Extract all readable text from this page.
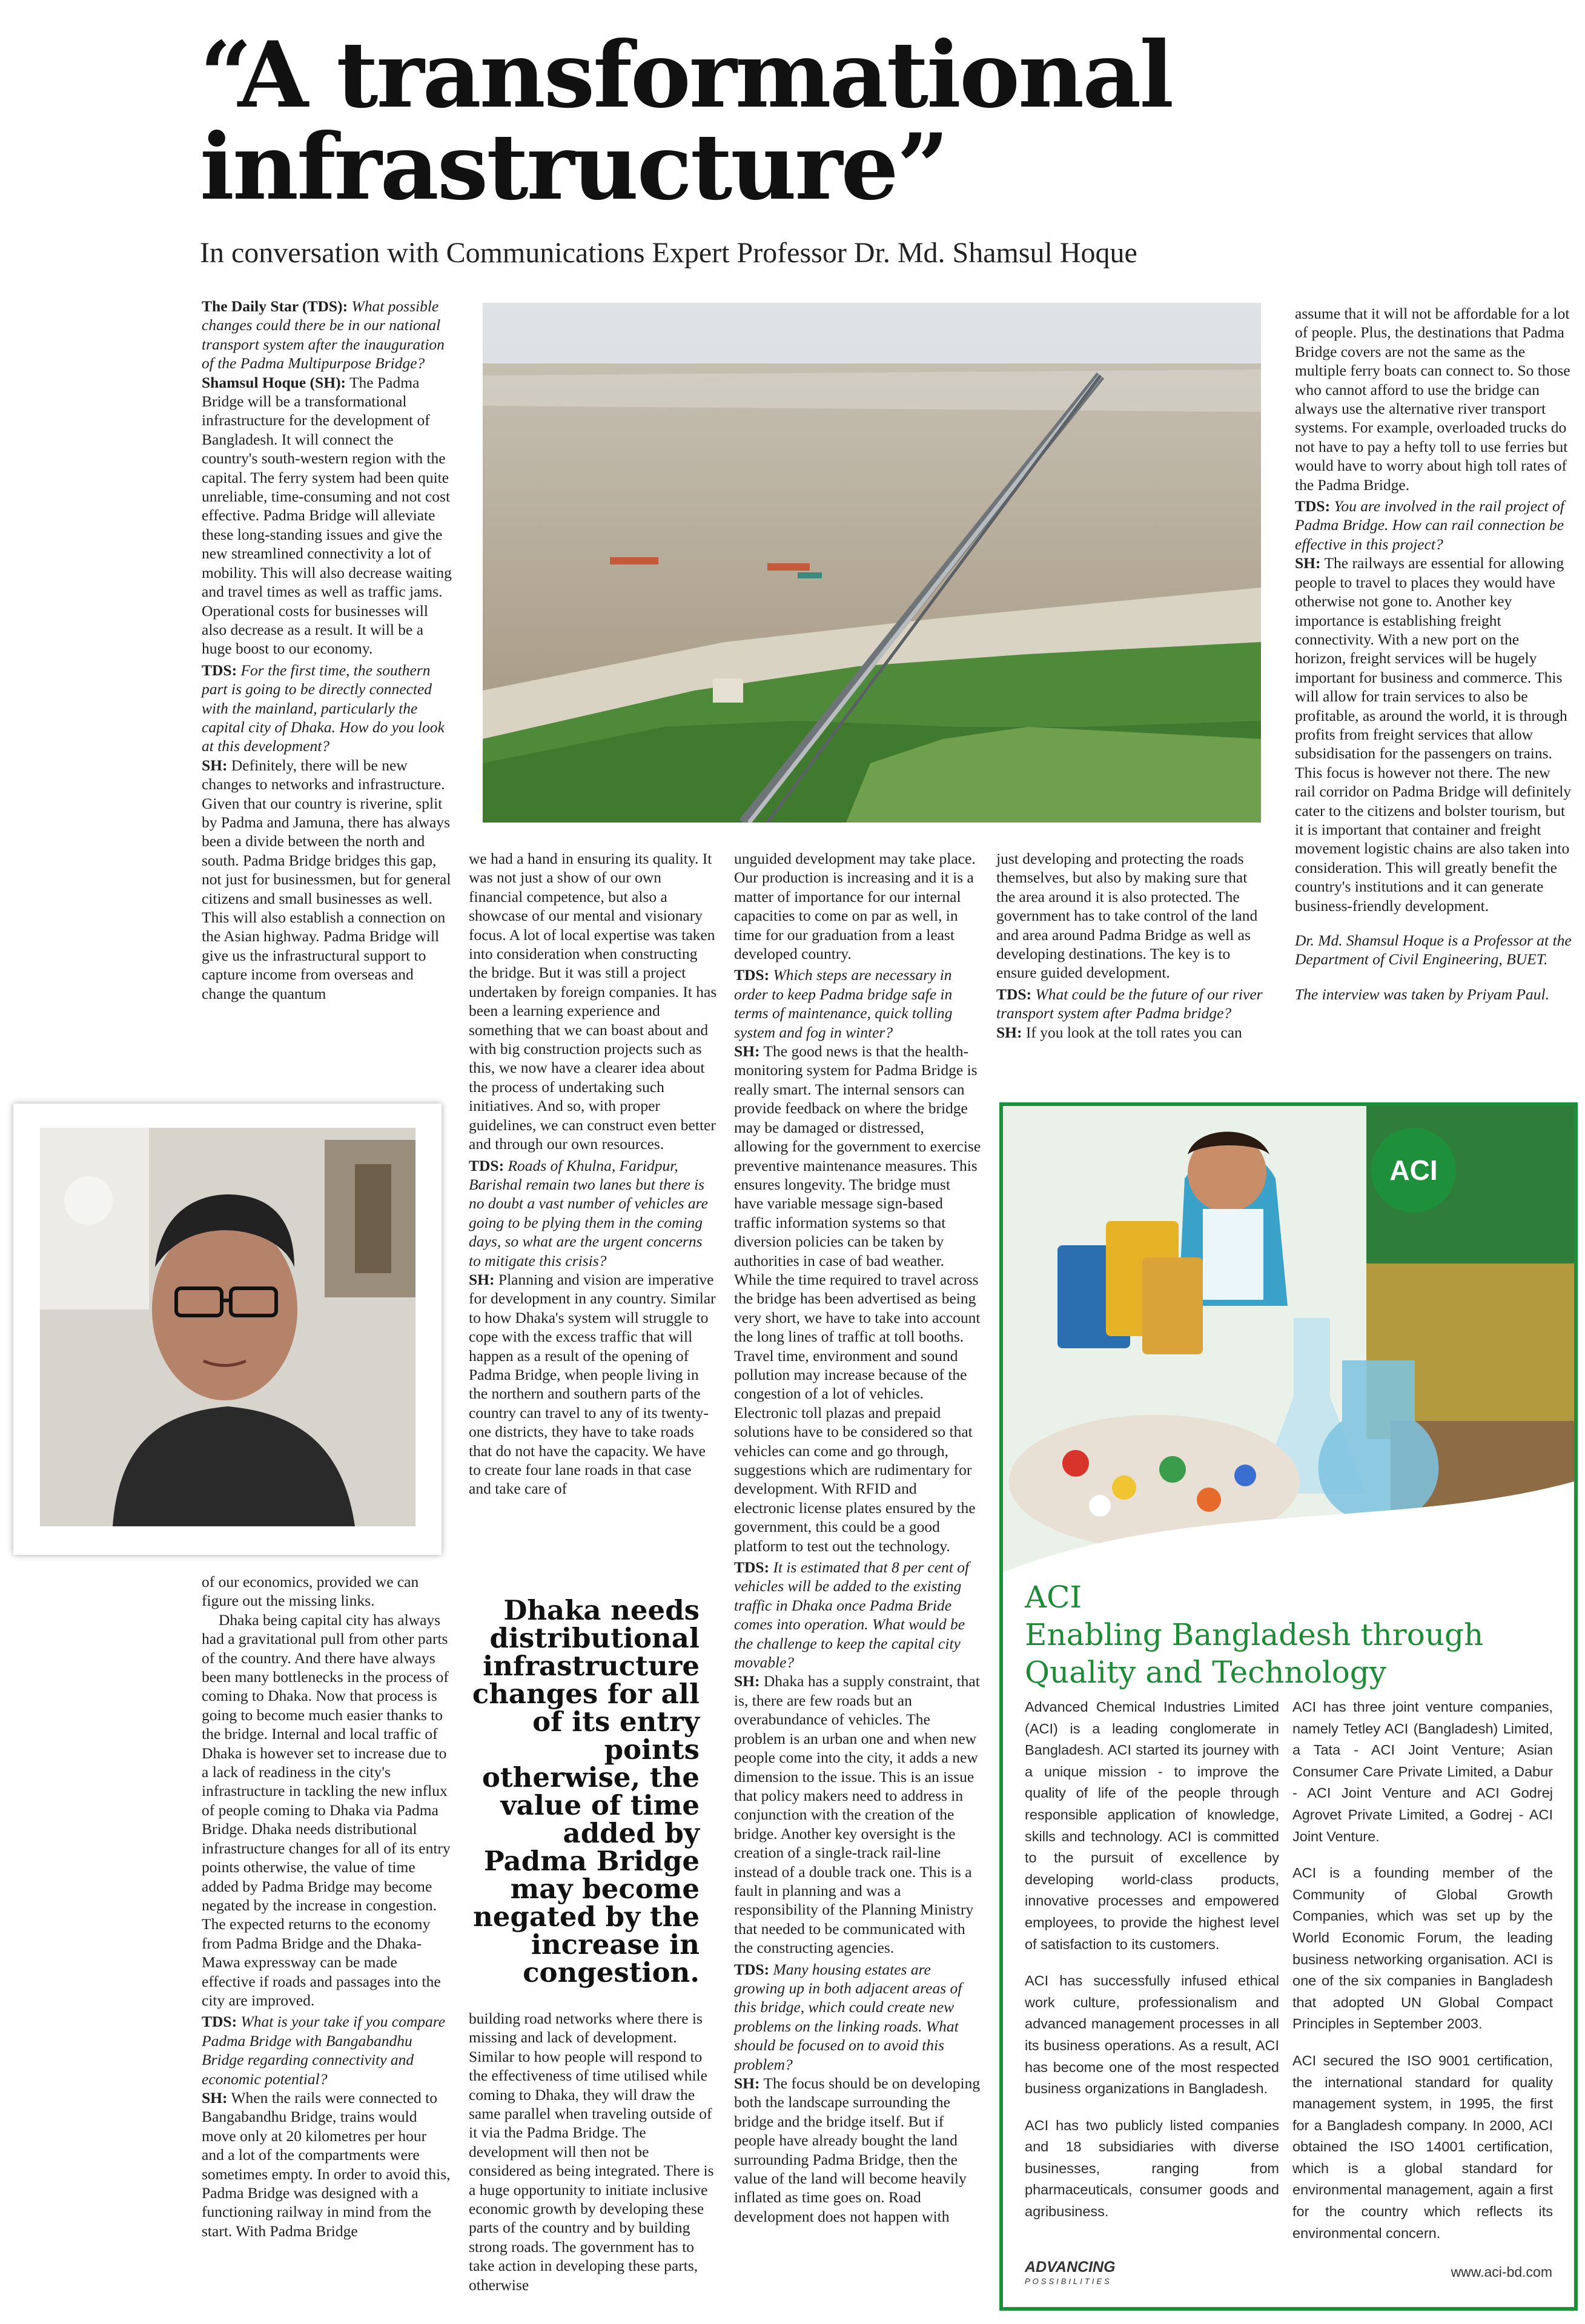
“A transformational
infrastructure”
In conversation with Communications Expert Professor Dr. Md. Shamsul Hoque

The Daily Star (TDS): What possible changes could there be in our national transport system after the inauguration of the Padma Multipurpose Bridge?

Shamsul Hoque (SH): The Padma Bridge will be a transformational infrastructure for the development of Bangladesh. It will connect the country's south-western region with the capital. The ferry system had been quite unreliable, time-consuming and not cost effective. Padma Bridge will alleviate these long-standing issues and give the new streamlined connectivity a lot of mobility. This will also decrease waiting and travel times as well as traffic jams. Operational costs for businesses will also decrease as a result. It will be a huge boost to our economy.

TDS: For the first time, the southern part is going to be directly connected with the mainland, particularly the capital city of Dhaka. How do you look at this development?

SH: Definitely, there will be new changes to networks and infrastructure. Given that our country is riverine, split by Padma and Jamuna, there has always been a divide between the north and south. Padma Bridge bridges this gap, not just for businessmen, but for general citizens and small businesses as well. This will also establish a connection on the Asian highway. Padma Bridge will give us the infrastructural support to capture income from overseas and change the quantum

of our economics, provided we can figure out the missing links.

Dhaka being capital city has always had a gravitational pull from other parts of the country. And there have always been many bottlenecks in the process of coming to Dhaka. Now that process is going to become much easier thanks to the bridge. Internal and local traffic of Dhaka is however set to increase due to a lack of readiness in the city's infrastructure in tackling the new influx of people coming to Dhaka via Padma Bridge. Dhaka needs distributional infrastructure changes for all of its entry points otherwise, the value of time added by Padma Bridge may become negated by the increase in congestion. The expected returns to the economy from Padma Bridge and the Dhaka-Mawa expressway can be made effective if roads and passages into the city are improved.

TDS: What is your take if you compare Padma Bridge with Bangabandhu Bridge regarding connectivity and economic potential?

SH: When the rails were connected to Bangabandhu Bridge, trains would move only at 20 kilometres per hour and a lot of the compartments were sometimes empty. In order to avoid this, Padma Bridge was designed with a functioning railway in mind from the start. With Padma Bridge

we had a hand in ensuring its quality. It was not just a show of our own financial competence, but also a showcase of our mental and visionary focus. A lot of local expertise was taken into consideration when constructing the bridge. But it was still a project undertaken by foreign companies. It has been a learning experience and something that we can boast about and with big construction projects such as this, we now have a clearer idea about the process of undertaking such initiatives. And so, with proper guidelines, we can construct even better and through our own resources.

TDS: Roads of Khulna, Faridpur, Barishal remain two lanes but there is no doubt a vast number of vehicles are going to be plying them in the coming days, so what are the urgent concerns to mitigate this crisis?

SH: Planning and vision are imperative for development in any country. Similar to how Dhaka's system will struggle to cope with the excess traffic that will happen as a result of the opening of Padma Bridge, when people living in the northern and southern parts of the country can travel to any of its twenty-one districts, they have to take roads that do not have the capacity. We have to create four lane roads in that case and take care of

Dhaka needs distributional infrastructure changes for all of its entry points otherwise, the value of time added by Padma Bridge may become negated by the increase in congestion.

building road networks where there is missing and lack of development. Similar to how people will respond to the effectiveness of time utilised while coming to Dhaka, they will draw the same parallel when traveling outside of it via the Padma Bridge. The development will then not be considered as being integrated. There is a huge opportunity to initiate inclusive economic growth by developing these parts of the country and by building strong roads. The government has to take action in developing these parts, otherwise

unguided development may take place. Our production is increasing and it is a matter of importance for our internal capacities to come on par as well, in time for our graduation from a least developed country.

TDS: Which steps are necessary in order to keep Padma bridge safe in terms of maintenance, quick tolling system and fog in winter?

SH: The good news is that the health-monitoring system for Padma Bridge is really smart. The internal sensors can provide feedback on where the bridge may be damaged or distressed, allowing for the government to exercise preventive maintenance measures. This ensures longevity. The bridge must have variable message sign-based traffic information systems so that diversion policies can be taken by authorities in case of bad weather. While the time required to travel across the bridge has been advertised as being very short, we have to take into account the long lines of traffic at toll booths. Travel time, environment and sound pollution may increase because of the congestion of a lot of vehicles. Electronic toll plazas and prepaid solutions have to be considered so that vehicles can come and go through, suggestions which are rudimentary for development. With RFID and electronic license plates ensured by the government, this could be a good platform to test out the technology.

TDS: It is estimated that 8 per cent of vehicles will be added to the existing traffic in Dhaka once Padma Bride comes into operation. What would be the challenge to keep the capital city movable?

SH: Dhaka has a supply constraint, that is, there are few roads but an overabundance of vehicles. The problem is an urban one and when new people come into the city, it adds a new dimension to the issue. This is an issue that policy makers need to address in conjunction with the creation of the bridge. Another key oversight is the creation of a single-track rail-line instead of a double track one. This is a fault in planning and was a responsibility of the Planning Ministry that needed to be communicated with the constructing agencies.

TDS: Many housing estates are growing up in both adjacent areas of this bridge, which could create new problems on the linking roads. What should be focused on to avoid this problem?

SH: The focus should be on developing both the landscape surrounding the bridge and the bridge itself. But if people have already bought the land surrounding Padma Bridge, then the value of the land will become heavily inflated as time goes on. Road development does not happen with

just developing and protecting the roads themselves, but also by making sure that the area around it is also protected. The government has to take control of the land and area around Padma Bridge as well as developing destinations. The key is to ensure guided development.

TDS: What could be the future of our river transport system after Padma bridge?

SH: If you look at the toll rates you can

assume that it will not be affordable for a lot of people. Plus, the destinations that Padma Bridge covers are not the same as the multiple ferry boats can connect to. So those who cannot afford to use the bridge can always use the alternative river transport systems. For example, overloaded trucks do not have to pay a hefty toll to use ferries but would have to worry about high toll rates of the Padma Bridge.

TDS: You are involved in the rail project of Padma Bridge. How can rail connection be effective in this project?

SH: The railways are essential for allowing people to travel to places they would have otherwise not gone to. Another key importance is establishing freight connectivity. With a new port on the horizon, freight services will be hugely important for business and commerce. This will allow for train services to also be profitable, as around the world, it is through profits from freight services that allow subsidisation for the passengers on trains. This focus is however not there. The new rail corridor on Padma Bridge will definitely cater to the citizens and bolster tourism, but it is important that container and freight movement logistic chains are also taken into consideration. This will greatly benefit the country's institutions and it can generate business-friendly development.

Dr. Md. Shamsul Hoque is a Professor at the Department of Civil Engineering, BUET.

The interview was taken by Priyam Paul.

ACI
ACI
Enabling Bangladesh through
Quality and Technology

Advanced Chemical Industries Limited (ACI) is a leading conglomerate in Bangladesh. ACI started its journey with a unique mission - to improve the quality of life of the people through responsible application of knowledge, skills and technology. ACI is committed to the pursuit of excellence by developing world-class products, innovative processes and empowered employees, to provide the highest level of satisfaction to its customers.

ACI has successfully infused ethical work culture, professionalism and advanced management processes in all its business operations. As a result, ACI has become one of the most respected business organizations in Bangladesh.

ACI has two publicly listed companies and 18 subsidiaries with diverse businesses, ranging from pharmaceuticals, consumer goods and agribusiness.

ACI has three joint venture companies, namely Tetley ACI (Bangladesh) Limited, a Tata - ACI Joint Venture; Asian Consumer Care Private Limited, a Dabur - ACI Joint Venture and ACI Godrej Agrovet Private Limited, a Godrej - ACI Joint Venture.

ACI is a founding member of the Community of Global Growth Companies, which was set up by the World Economic Forum, the leading business networking organisation. ACI is one of the six companies in Bangladesh that adopted UN Global Compact Principles in September 2003.

ACI secured the ISO 9001 certification, the international standard for quality management system, in 1995, the first for a Bangladesh company. In 2000, ACI obtained the ISO 14001 certification, which is a global standard for environmental management, again a first for the country which reflects its environmental concern.

ADVANCING
POSSIBILITIES
www.aci-bd.com
